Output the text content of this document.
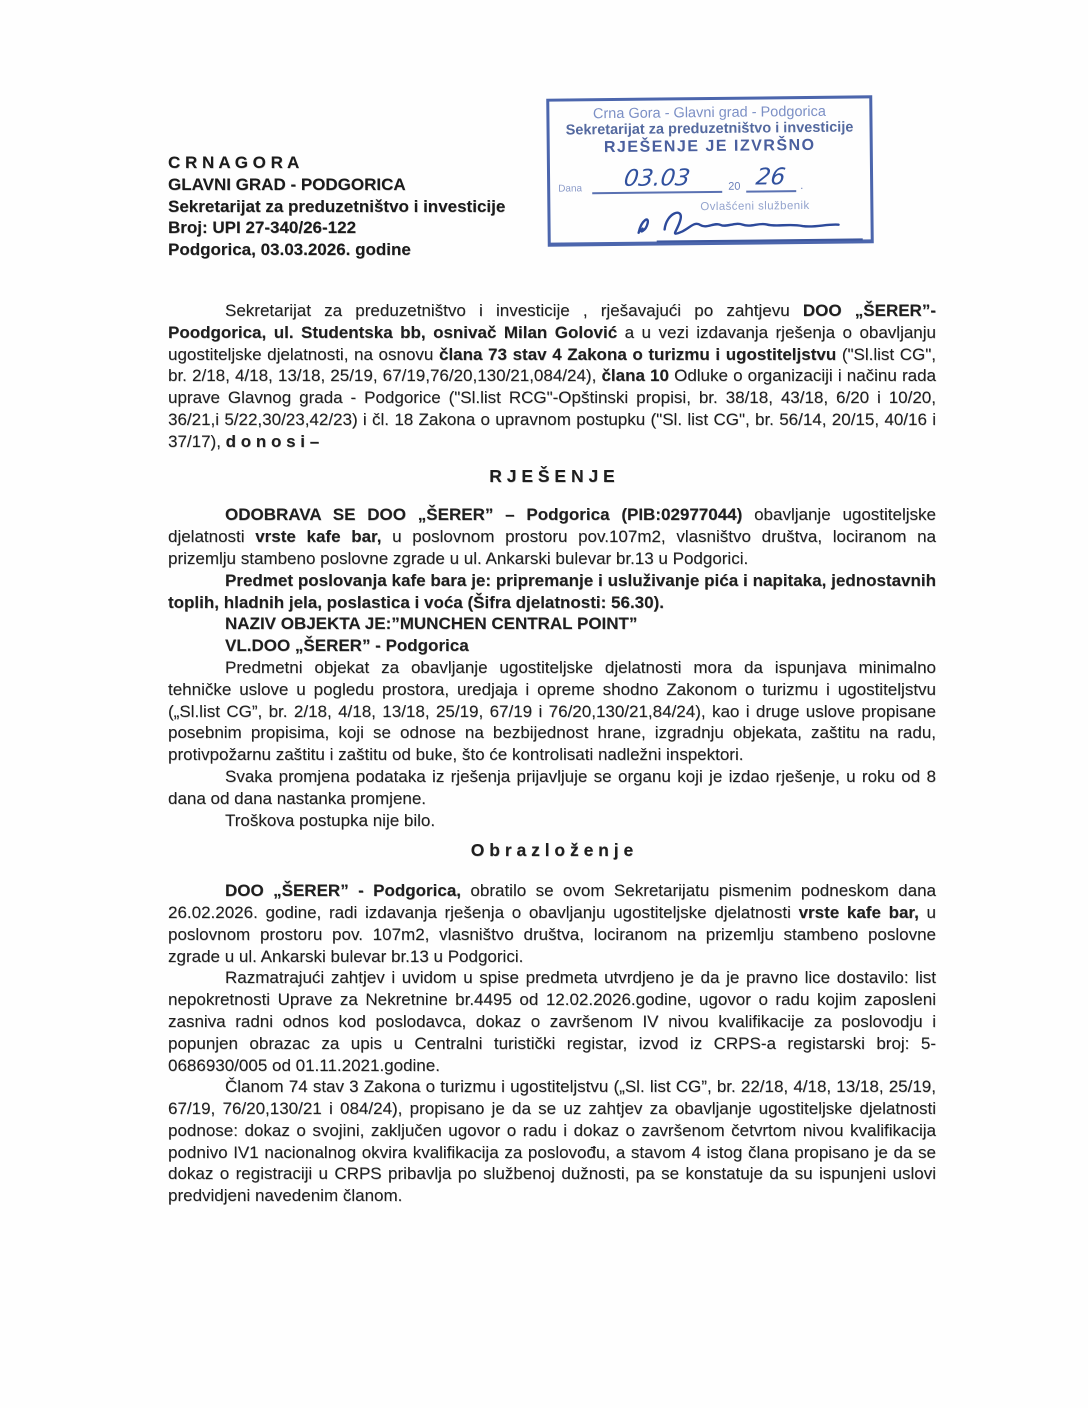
C R N A G O R A
GLAVNI GRAD - PODGORICA
Sekretarijat za preduzetništvo i investicije
Broj: UPI 27-340/26-122
Podgorica, 03.03.2026. godine
Crna Gora - Glavni grad - Podgorica
Sekretarijat za preduzetništvo i investicije
RJEŠENJE JE IZVRŠNO
Dana	03.03	20 26	.
Ovlašćeni službenik

Sekretarijat za preduzetništvo i investicije , rješavajući po zahtjevu DOO „ŠERER”- Poodgorica, ul. Studentska bb, osnivač Milan Golović a u vezi izdavanja rješenja o obavljanju ugostiteljske djelatnosti, na osnovu člana 73 stav 4 Zakona o turizmu i ugostiteljstvu ("Sl.list CG", br. 2/18, 4/18, 13/18, 25/19, 67/19,76/20,130/21,084/24), člana 10 Odluke o organizaciji i načinu rada uprave Glavnog grada - Podgorice ("Sl.list RCG"-Opštinski propisi, br. 38/18, 43/18, 6/20 i 10/20, 36/21,i 5/22,30/23,42/23) i čl. 18 Zakona o upravnom postupku ("Sl. list CG", br. 56/14, 20/15, 40/16 i 37/17), d o n o s i –

R J E Š E N J E

ODOBRAVA SE DOO „ŠERER” – Podgorica (PIB:02977044) obavljanje ugostiteljske djelatnosti vrste kafe bar, u poslovnom prostoru pov.107m2, vlasništvo društva, lociranom na prizemlju stambeno poslovne zgrade u ul. Ankarski bulevar br.13 u Podgorici.

Predmet poslovanja kafe bara je: pripremanje i usluživanje pića i napitaka, jednostavnih toplih, hladnih jela, poslastica i voća (Šifra djelatnosti: 56.30).

NAZIV OBJEKTA JE:”MUNCHEN CENTRAL POINT”

VL.DOO „ŠERER” - Podgorica

Predmetni objekat za obavljanje ugostiteljske djelatnosti mora da ispunjava minimalno tehničke uslove u pogledu prostora, uredjaja i opreme shodno Zakonom o turizmu i ugostiteljstvu („Sl.list CG”, br. 2/18, 4/18, 13/18, 25/19, 67/19 i 76/20,130/21,84/24), kao i druge uslove propisane posebnim propisima, koji se odnose na bezbijednost hrane, izgradnju objekata, zaštitu na radu, protivpožarnu zaštitu i zaštitu od buke, što će kontrolisati nadležni inspektori.

Svaka promjena podataka iz rješenja prijavljuje se organu koji je izdao rješenje, u roku od 8 dana od dana nastanka promjene.

Troškova postupka nije bilo.

O b r a z l o ž e n j e

DOO „ŠERER” - Podgorica, obratilo se ovom Sekretarijatu pismenim podneskom dana 26.02.2026. godine, radi izdavanja rješenja o obavljanju ugostiteljske djelatnosti vrste kafe bar, u poslovnom prostoru pov. 107m2, vlasništvo društva, lociranom na prizemlju stambeno poslovne zgrade u ul. Ankarski bulevar br.13 u Podgorici.

Razmatrajući zahtjev i uvidom u spise predmeta utvrdjeno je da je pravno lice dostavilo: list nepokretnosti Uprave za Nekretnine br.4495 od 12.02.2026.godine, ugovor o radu kojim zaposleni zasniva radni odnos kod poslodavca, dokaz o završenom IV nivou kvalifikacije za poslovodju i popunjen obrazac za upis u Centralni turistički registar, izvod iz CRPS-a registarski broj: 5-0686930/005 od 01.11.2021.godine.

Članom 74 stav 3 Zakona o turizmu i ugostiteljstvu („Sl. list CG”, br. 22/18, 4/18, 13/18, 25/19, 67/19, 76/20,130/21 i 084/24), propisano je da se uz zahtjev za obavljanje ugostiteljske djelatnosti podnose: dokaz o svojini, zaključen ugovor o radu i dokaz o završenom četvrtom nivou kvalifikacija podnivo IV1 nacionalnog okvira kvalifikacija za poslovođu, a stavom 4 istog člana propisano je da se dokaz o registraciji u CRPS pribavlja po službenoj dužnosti, pa se konstatuje da su ispunjeni uslovi predvidjeni navedenim članom.
